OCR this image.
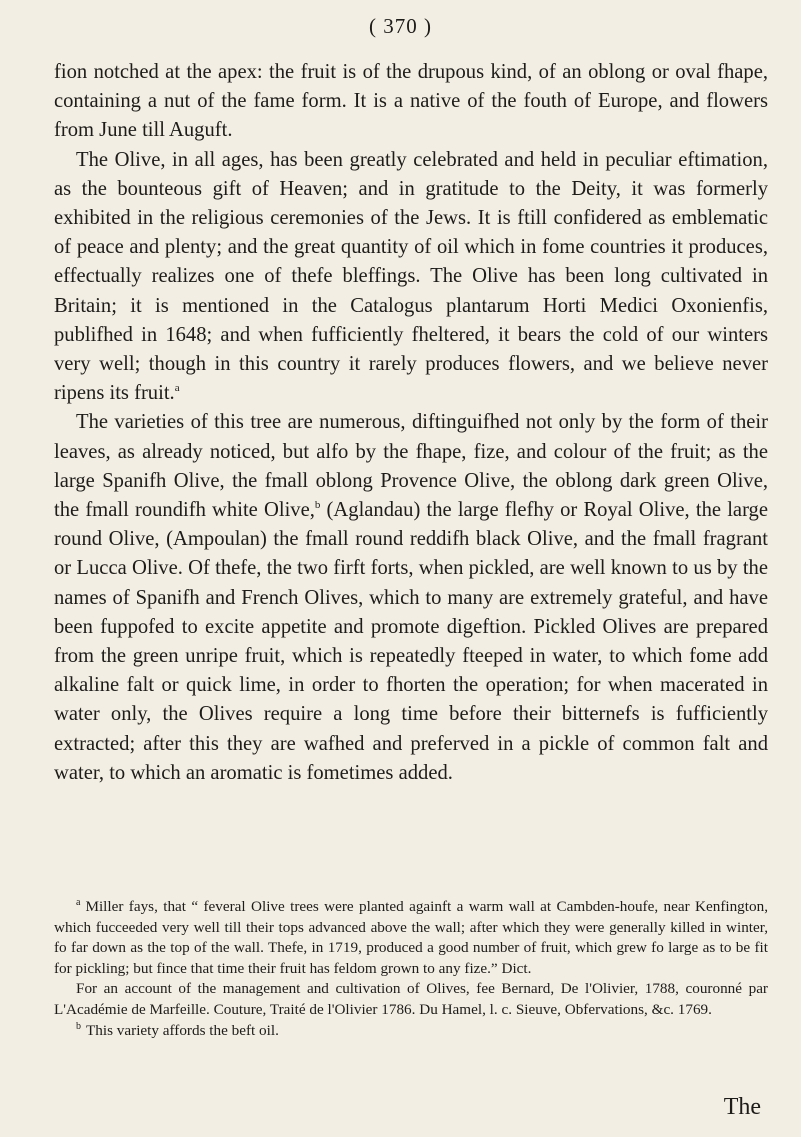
( 370 )

fion notched at the apex: the fruit is of the drupous kind, of an oblong or oval fhape, containing a nut of the fame form. It is a native of the fouth of Europe, and flowers from June till Auguft.

The Olive, in all ages, has been greatly celebrated and held in peculiar eftimation, as the bounteous gift of Heaven; and in gratitude to the Deity, it was formerly exhibited in the religious ceremonies of the Jews. It is ftill confidered as emblematic of peace and plenty; and the great quantity of oil which in fome countries it produces, effectually realizes one of thefe bleffings. The Olive has been long cultivated in Britain; it is mentioned in the Catalogus plantarum Horti Medici Oxonienfis, publifhed in 1648; and when fufficiently fheltered, it bears the cold of our winters very well; though in this country it rarely produces flowers, and we believe never ripens its fruit.$^a$

The varieties of this tree are numerous, diftinguifhed not only by the form of their leaves, as already noticed, but alfo by the fhape, fize, and colour of the fruit; as the large Spanifh Olive, the fmall oblong Provence Olive, the oblong dark green Olive, the fmall roundifh white Olive,$^b$ (Aglandau) the large flefhy or Royal Olive, the large round Olive, (Ampoulan) the fmall round reddifh black Olive, and the fmall fragrant or Lucca Olive. Of thefe, the two firft forts, when pickled, are well known to us by the names of Spanifh and French Olives, which to many are extremely grateful, and have been fuppofed to excite appetite and promote digeftion. Pickled Olives are prepared from the green unripe fruit, which is repeatedly fteeped in water, to which fome add alkaline falt or quick lime, in order to fhorten the operation; for when macerated in water only, the Olives require a long time before their bitternefs is fufficiently extracted; after this they are wafhed and preferved in a pickle of common falt and water, to which an aromatic is fometimes added.

$^a$ Miller fays, that “ feveral Olive trees were planted againft a warm wall at Cambden-houfe, near Kenfington, which fucceeded very well till their tops advanced above the wall; after which they were generally killed in winter, fo far down as the top of the wall. Thefe, in 1719, produced a good number of fruit, which grew fo large as to be fit for pickling; but fince that time their fruit has feldom grown to any fize.” Dict.

For an account of the management and cultivation of Olives, fee Bernard, De l'Olivier, 1788, couronné par L'Académie de Marfeille. Couture, Traité de l'Olivier 1786. Du Hamel, l. c. Sieuve, Obfervations, &c. 1769.

$^b$ This variety affords the beft oil.

The
